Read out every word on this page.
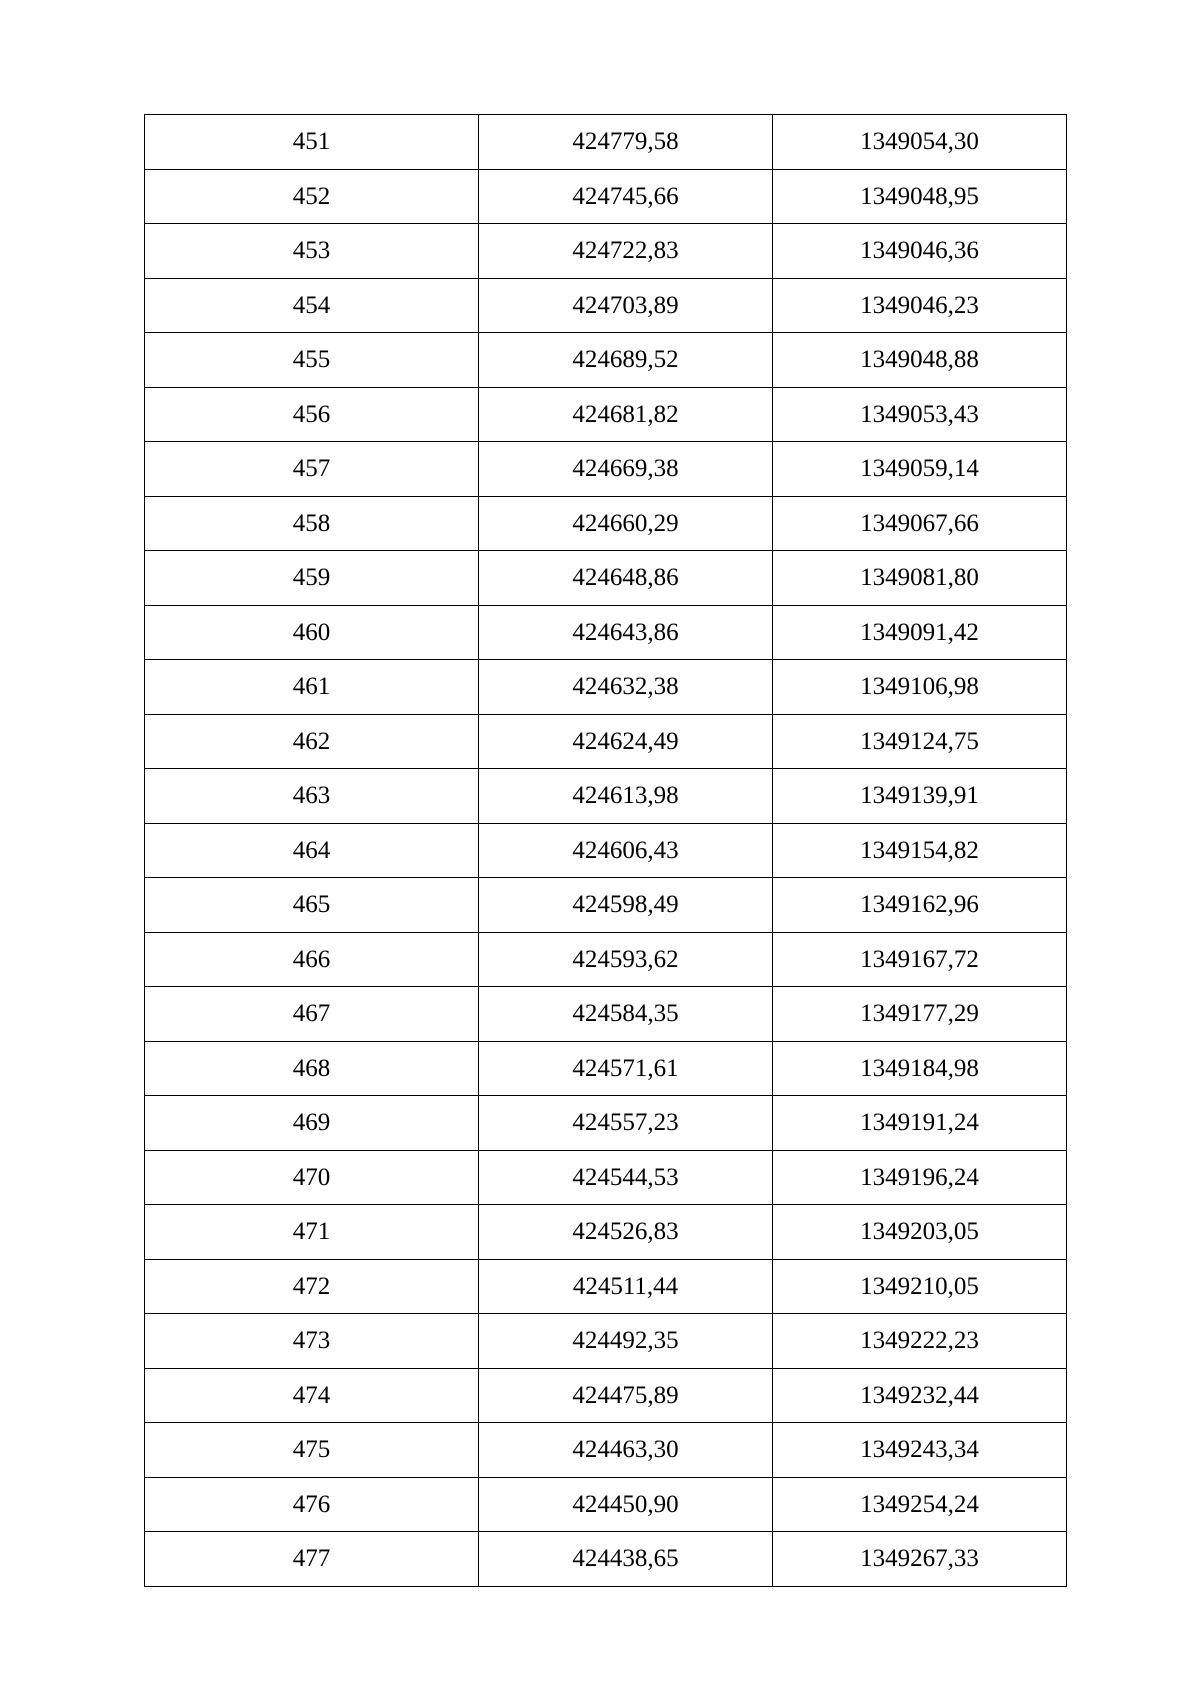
451	424779,58	1349054,30
452	424745,66	1349048,95
453	424722,83	1349046,36
454	424703,89	1349046,23
455	424689,52	1349048,88
456	424681,82	1349053,43
457	424669,38	1349059,14
458	424660,29	1349067,66
459	424648,86	1349081,80
460	424643,86	1349091,42
461	424632,38	1349106,98
462	424624,49	1349124,75
463	424613,98	1349139,91
464	424606,43	1349154,82
465	424598,49	1349162,96
466	424593,62	1349167,72
467	424584,35	1349177,29
468	424571,61	1349184,98
469	424557,23	1349191,24
470	424544,53	1349196,24
471	424526,83	1349203,05
472	424511,44	1349210,05
473	424492,35	1349222,23
474	424475,89	1349232,44
475	424463,30	1349243,34
476	424450,90	1349254,24
477	424438,65	1349267,33
